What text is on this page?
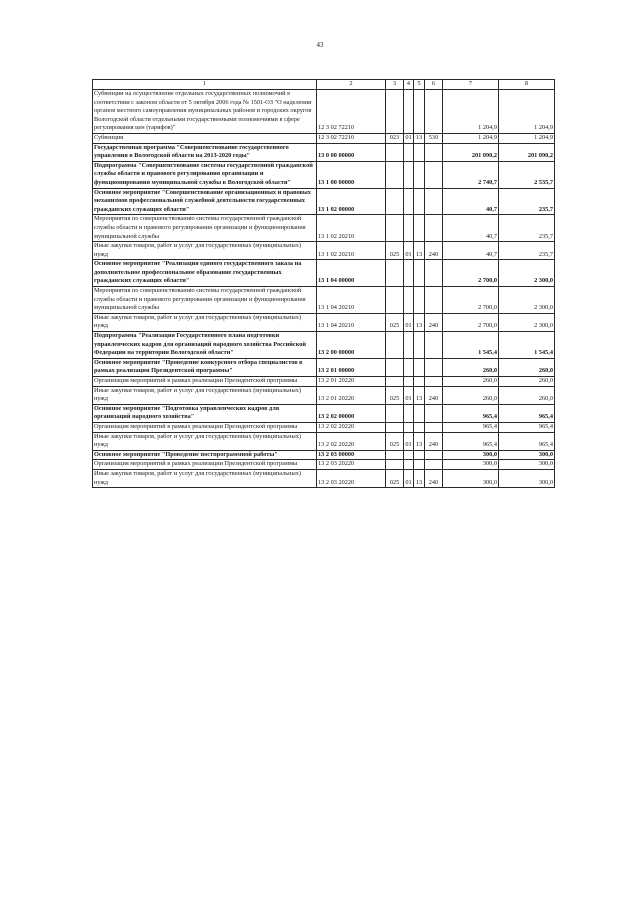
43
1	2	3	4	5	6	7	8
Субвенции на осуществление отдельных государственных полномочий в соответствии с законом области от 5 октября 2006 года № 1501-ОЗ "О наделении органов местного самоуправления муниципальных районов и городских округов Вологодской области отдельными государственными полномочиями в сфере регулирования цен (тарифов)"	12 3 02 72210					1 204,9	1 204,9
Субвенции	12 3 02 72210	023	01	13	530	1 204,9	1 204,9
Государственная программа "Совершенствование государственного управления в Вологодской области на 2013-2020 годы"	13 0 00 00000					201 090,2	201 090,2
Подпрограмма "Совершенствование системы государственной гражданской службы области и правового регулирования организации и функционирования муниципальной службы в Вологодской области"	13 1 00 00000					2 740,7	2 535,7
Основное мероприятие "Совершенствование организационных и правовых механизмов профессиональной служебной деятельности государственных гражданских служащих области"	13 1 02 00000					40,7	235,7
Мероприятия по совершенствованию системы государственной гражданской службы области и правового регулирования организации и функционирования муниципальной службы	13 1 02 20210					40,7	235,7
Иные закупки товаров, работ и услуг для государственных (муниципальных) нужд	13 1 02 20210	025	01	13	240	40,7	235,7
Основное мероприятие "Реализация единого государственного заказа на дополнительное профессиональное образование государственных гражданских служащих области"	13 1 04 00000					2 700,0	2 300,0
Мероприятия по совершенствованию системы государственной гражданской службы области и правового регулирования организации и функционирования муниципальной службы	13 1 04 20210					2 700,0	2 300,0
Иные закупки товаров, работ и услуг для государственных (муниципальных) нужд	13 1 04 20210	025	01	13	240	2 700,0	2 300,0
Подпрограмма "Реализация Государственного плана подготовки управленческих кадров для организаций народного хозяйства Российской Федерации на территории Вологодской области"	13 2 00 00000					1 545,4	1 545,4
Основное мероприятие "Проведение конкурсного отбора специалистов в рамках реализации Президентской программы"	13 2 01 00000					260,0	260,0
Организация мероприятий в рамках реализации Президентской программы	13 2 01 20220					260,0	260,0
Иные закупки товаров, работ и услуг для государственных (муниципальных) нужд	13 2 01 20220	025	01	13	240	260,0	260,0
Основное мероприятие "Подготовка управленческих кадров для организаций народного хозяйства"	13 2 02 00000					965,4	965,4
Организация мероприятий в рамках реализации Президентской программы	13 2 02 20220					965,4	965,4
Иные закупки товаров, работ и услуг для государственных (муниципальных) нужд	13 2 02 20220	025	01	13	240	965,4	965,4
Основное мероприятие "Проведение постпрограммной работы"	13 2 03 00000					300,0	300,0
Организация мероприятий в рамках реализации Президентской программы	13 2 03 20220					300,0	300,0
Иные закупки товаров, работ и услуг для государственных (муниципальных) нужд	13 2 03 20220	025	01	13	240	300,0	300,0
